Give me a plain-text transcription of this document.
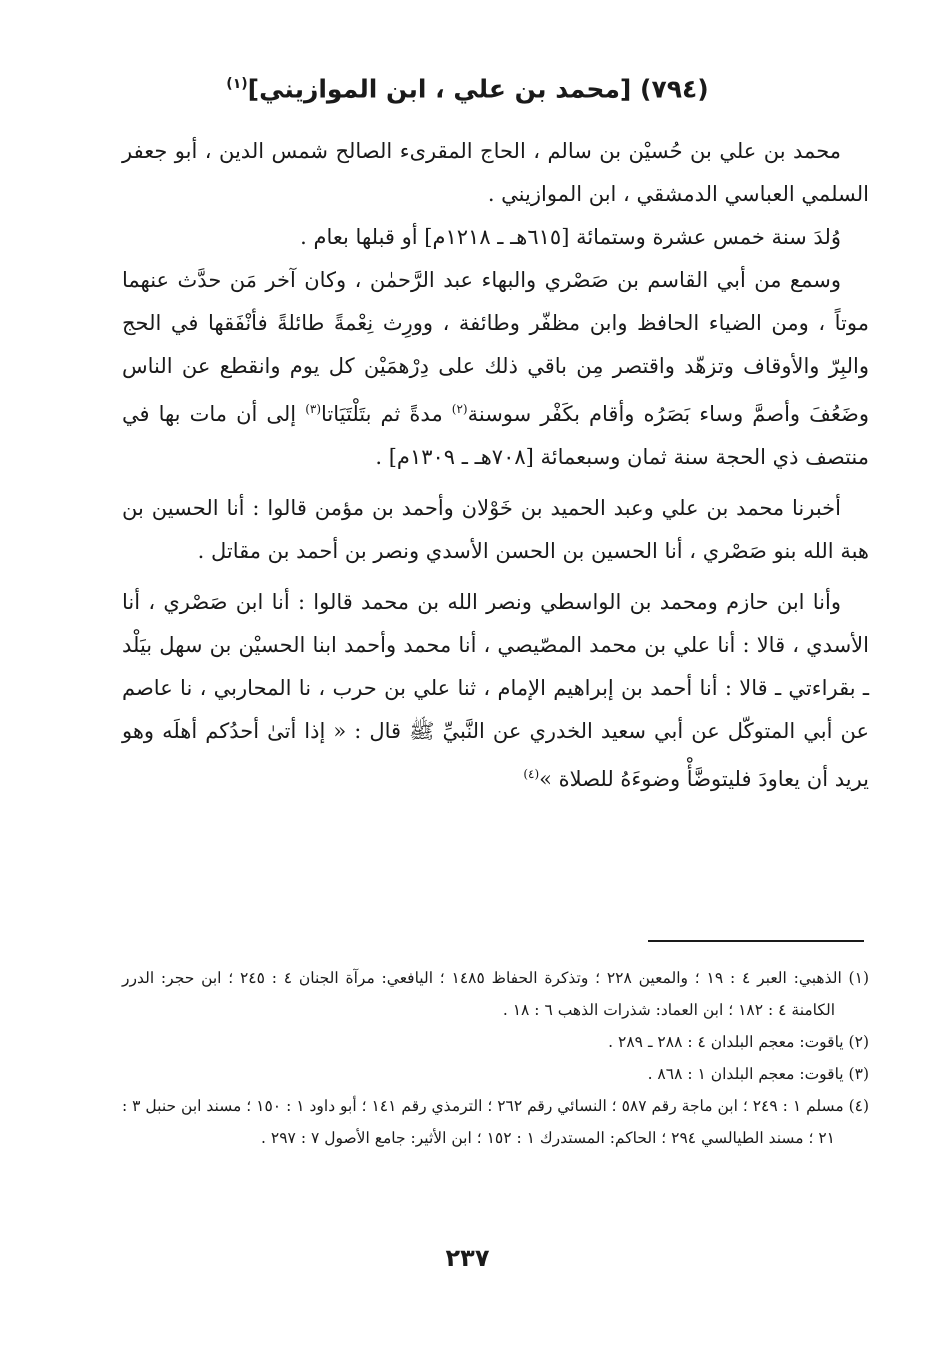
(٧٩٤) [محمد بن علي ، ابن الموازيني]$^{(١)}$

محمد بن علي بن حُسيْن بن سالم ، الحاج المقرىء الصالح شمس الدين ، أبو جعفر السلمي العباسي الدمشقي ، ابن الموازيني .

وُلدَ سنة خمس عشرة وستمائة [٦١٥هـ ـ ١٢١٨م] أو قبلها بعام .

وسمع من أبي القاسم بن صَصْري والبهاء عبد الرَّحمٰن ، وكان آخر مَن حدَّث عنهما موتاً ، ومن الضياء الحافظ وابن مظفّر وطائفة ، وورِث نِعْمةً طائلةً فأنْفَقها في الحج والبِرّ والأوقاف وتزهّد واقتصر مِن باقي ذلك على دِرْهمَيْن كل يوم وانقطع عن الناس وضَعُفَ وأصمَّ وساء بَصَرُه وأقام بكَفْر سوسنة$^{(٢)}$ مدةً ثم بتَلْتَيَاتا$^{(٣)}$ إلى أن مات بها في منتصف ذي الحجة سنة ثمان وسبعمائة [٧٠٨هـ ـ ١٣٠٩م] .

أخبرنا محمد بن علي وعبد الحميد بن خَوْلان وأحمد بن مؤمن قالوا : أنا الحسين بن هبة الله بنو صَصْري ، أنا الحسين بن الحسن الأسدي ونصر بن أحمد بن مقاتل .

وأنا ابن حازم ومحمد بن الواسطي ونصر الله بن محمد قالوا : أنا ابن صَصْري ، أنا الأسدي ، قالا : أنا علي بن محمد المصّيصي ، أنا محمد وأحمد ابنا الحسيْن بن سهل بيَلْد ـ بقراءتي ـ قالا : أنا أحمد بن إبراهيم الإمام ، ثنا علي بن حرب ، نا المحاربي ، نا عاصم عن أبي المتوكّل عن أبي سعيد الخدري عن النَّبيِّ ﷺ قال : « إذا أتىٰ أحدُكم أهلَه وهو يريد أن يعاودَ فليتوضَّأْ وضوءَهُ للصلاة »$^{(٤)}$

(١) الذهبي: العبر ٤ : ١٩ ؛ والمعين ٢٢٨ ؛ وتذكرة الحفاظ ١٤٨٥ ؛ اليافعي: مرآة الجنان ٤ : ٢٤٥ ؛ ابن حجر: الدرر الكامنة ٤ : ١٨٢ ؛ ابن العماد: شذرات الذهب ٦ : ١٨ .

(٢) ياقوت: معجم البلدان ٤ : ٢٨٨ ـ ٢٨٩ .

(٣) ياقوت: معجم البلدان ١ : ٨٦٨ .

(٤) مسلم ١ : ٢٤٩ ؛ ابن ماجة رقم ٥٨٧ ؛ النسائي رقم ٢٦٢ ؛ الترمذي رقم ١٤١ ؛ أبو داود ١ : ١٥٠ ؛ مسند ابن حنبل ٣ : ٢١ ؛ مسند الطيالسي ٢٩٤ ؛ الحاكم: المستدرك ١ : ١٥٢ ؛ ابن الأثير: جامع الأصول ٧ : ٢٩٧ .

٢٣٧
